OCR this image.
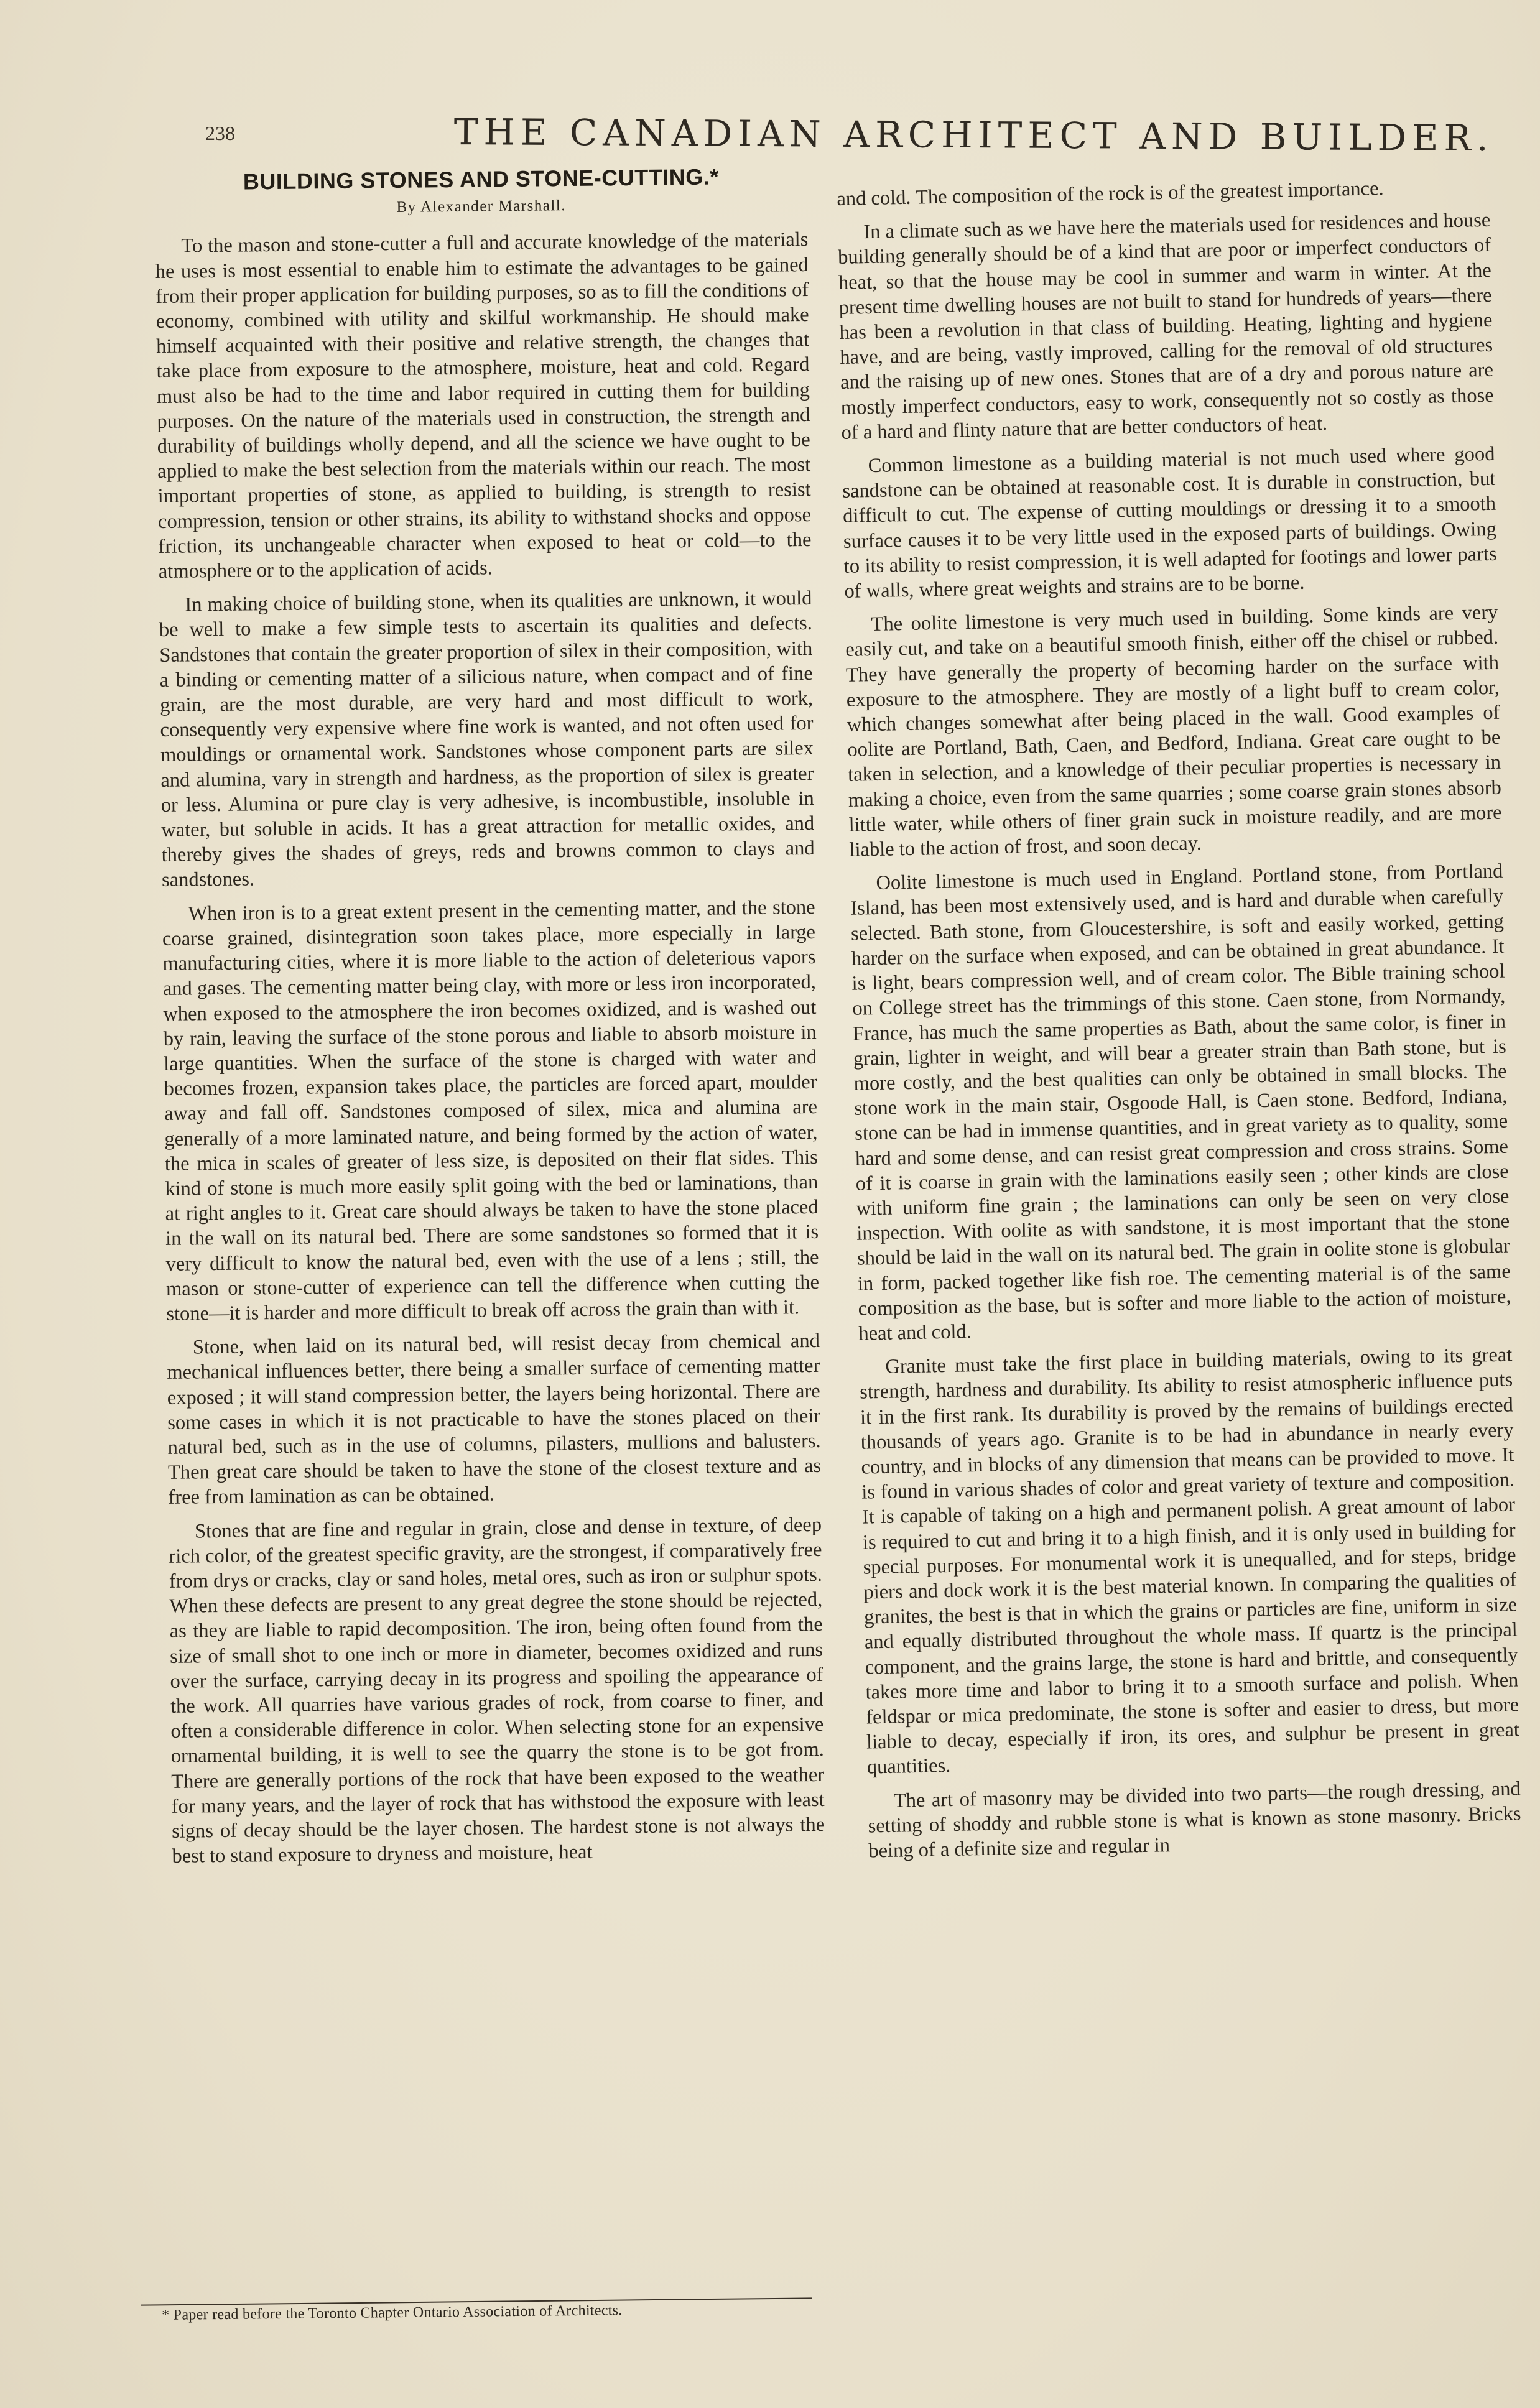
238	THE CANADIAN ARCHITECT AND BUILDER.
BUILDING STONES AND STONE-CUTTING.*
By Alexander Marshall.

To the mason and stone-cutter a full and accurate knowledge of the materials he uses is most essential to enable him to estimate the advantages to be gained from their proper application for building purposes, so as to fill the conditions of economy, combined with utility and skilful workmanship. He should make himself acquainted with their positive and relative strength, the changes that take place from exposure to the atmosphere, moisture, heat and cold. Regard must also be had to the time and labor required in cutting them for building purposes. On the nature of the materials used in construction, the strength and durability of buildings wholly depend, and all the science we have ought to be applied to make the best selection from the materials within our reach. The most important properties of stone, as applied to building, is strength to resist compression, tension or other strains, its ability to withstand shocks and oppose friction, its unchangeable character when exposed to heat or cold—to the atmosphere or to the application of acids.

In making choice of building stone, when its qualities are unknown, it would be well to make a few simple tests to ascertain its qualities and defects. Sandstones that contain the greater proportion of silex in their composition, with a binding or cementing matter of a silicious nature, when compact and of fine grain, are the most durable, are very hard and most difficult to work, consequently very expensive where fine work is wanted, and not often used for mouldings or ornamental work. Sandstones whose component parts are silex and alumina, vary in strength and hardness, as the proportion of silex is greater or less. Alumina or pure clay is very adhesive, is incombustible, insoluble in water, but soluble in acids. It has a great attraction for metallic oxides, and thereby gives the shades of greys, reds and browns common to clays and sandstones.

When iron is to a great extent present in the cementing matter, and the stone coarse grained, disintegration soon takes place, more especially in large manufacturing cities, where it is more liable to the action of deleterious vapors and gases. The cementing matter being clay, with more or less iron incorporated, when exposed to the atmosphere the iron becomes oxidized, and is washed out by rain, leaving the surface of the stone porous and liable to absorb moisture in large quantities. When the surface of the stone is charged with water and becomes frozen, expansion takes place, the particles are forced apart, moulder away and fall off. Sandstones composed of silex, mica and alumina are generally of a more laminated nature, and being formed by the action of water, the mica in scales of greater of less size, is deposited on their flat sides. This kind of stone is much more easily split going with the bed or laminations, than at right angles to it. Great care should always be taken to have the stone placed in the wall on its natural bed. There are some sandstones so formed that it is very difficult to know the natural bed, even with the use of a lens ; still, the mason or stone-cutter of experience can tell the difference when cutting the stone—it is harder and more difficult to break off across the grain than with it.

Stone, when laid on its natural bed, will resist decay from chemical and mechanical influences better, there being a smaller surface of cementing matter exposed ; it will stand compression better, the layers being horizontal. There are some cases in which it is not practicable to have the stones placed on their natural bed, such as in the use of columns, pilasters, mullions and balusters. Then great care should be taken to have the stone of the closest texture and as free from lamination as can be obtained.

Stones that are fine and regular in grain, close and dense in texture, of deep rich color, of the greatest specific gravity, are the strongest, if comparatively free from drys or cracks, clay or sand holes, metal ores, such as iron or sulphur spots. When these defects are present to any great degree the stone should be rejected, as they are liable to rapid decomposition. The iron, being often found from the size of small shot to one inch or more in diameter, becomes oxidized and runs over the surface, carrying decay in its progress and spoiling the appearance of the work. All quarries have various grades of rock, from coarse to finer, and often a considerable difference in color. When selecting stone for an expensive ornamental building, it is well to see the quarry the stone is to be got from. There are generally portions of the rock that have been exposed to the weather for many years, and the layer of rock that has withstood the exposure with least signs of decay should be the layer chosen. The hardest stone is not always the best to stand exposure to dryness and moisture, heat

and cold. The composition of the rock is of the greatest importance.

In a climate such as we have here the materials used for residences and house building generally should be of a kind that are poor or imperfect conductors of heat, so that the house may be cool in summer and warm in winter. At the present time dwelling houses are not built to stand for hundreds of years—there has been a revolution in that class of building. Heating, lighting and hygiene have, and are being, vastly improved, calling for the removal of old structures and the raising up of new ones. Stones that are of a dry and porous nature are mostly imperfect conductors, easy to work, consequently not so costly as those of a hard and flinty nature that are better conductors of heat.

Common limestone as a building material is not much used where good sandstone can be obtained at reasonable cost. It is durable in construction, but difficult to cut. The expense of cutting mouldings or dressing it to a smooth surface causes it to be very little used in the exposed parts of buildings. Owing to its ability to resist compression, it is well adapted for footings and lower parts of walls, where great weights and strains are to be borne.

The oolite limestone is very much used in building. Some kinds are very easily cut, and take on a beautiful smooth finish, either off the chisel or rubbed. They have generally the property of becoming harder on the surface with exposure to the atmosphere. They are mostly of a light buff to cream color, which changes somewhat after being placed in the wall. Good examples of oolite are Portland, Bath, Caen, and Bedford, Indiana. Great care ought to be taken in selection, and a knowledge of their peculiar properties is necessary in making a choice, even from the same quarries ; some coarse grain stones absorb little water, while others of finer grain suck in moisture readily, and are more liable to the action of frost, and soon decay.

Oolite limestone is much used in England. Portland stone, from Portland Island, has been most extensively used, and is hard and durable when carefully selected. Bath stone, from Gloucestershire, is soft and easily worked, getting harder on the surface when exposed, and can be obtained in great abundance. It is light, bears compression well, and of cream color. The Bible training school on College street has the trimmings of this stone. Caen stone, from Normandy, France, has much the same properties as Bath, about the same color, is finer in grain, lighter in weight, and will bear a greater strain than Bath stone, but is more costly, and the best qualities can only be obtained in small blocks. The stone work in the main stair, Osgoode Hall, is Caen stone. Bedford, Indiana, stone can be had in immense quantities, and in great variety as to quality, some hard and some dense, and can resist great compression and cross strains. Some of it is coarse in grain with the laminations easily seen ; other kinds are close with uniform fine grain ; the laminations can only be seen on very close inspection. With oolite as with sandstone, it is most important that the stone should be laid in the wall on its natural bed. The grain in oolite stone is globular in form, packed together like fish roe. The cementing material is of the same composition as the base, but is softer and more liable to the action of moisture, heat and cold.

Granite must take the first place in building materials, owing to its great strength, hardness and durability. Its ability to resist atmospheric influence puts it in the first rank. Its durability is proved by the remains of buildings erected thousands of years ago. Granite is to be had in abundance in nearly every country, and in blocks of any dimension that means can be provided to move. It is found in various shades of color and great variety of texture and composition. It is capable of taking on a high and permanent polish. A great amount of labor is required to cut and bring it to a high finish, and it is only used in building for special purposes. For monumental work it is unequalled, and for steps, bridge piers and dock work it is the best material known. In comparing the qualities of granites, the best is that in which the grains or particles are fine, uniform in size and equally distributed throughout the whole mass. If quartz is the principal component, and the grains large, the stone is hard and brittle, and consequently takes more time and labor to bring it to a smooth surface and polish. When feldspar or mica predominate, the stone is softer and easier to dress, but more liable to decay, especially if iron, its ores, and sulphur be present in great quantities.

The art of masonry may be divided into two parts—the rough dressing, and setting of shoddy and rubble stone is what is known as stone masonry. Bricks being of a definite size and regular in

* Paper read before the Toronto Chapter Ontario Association of Architects.
